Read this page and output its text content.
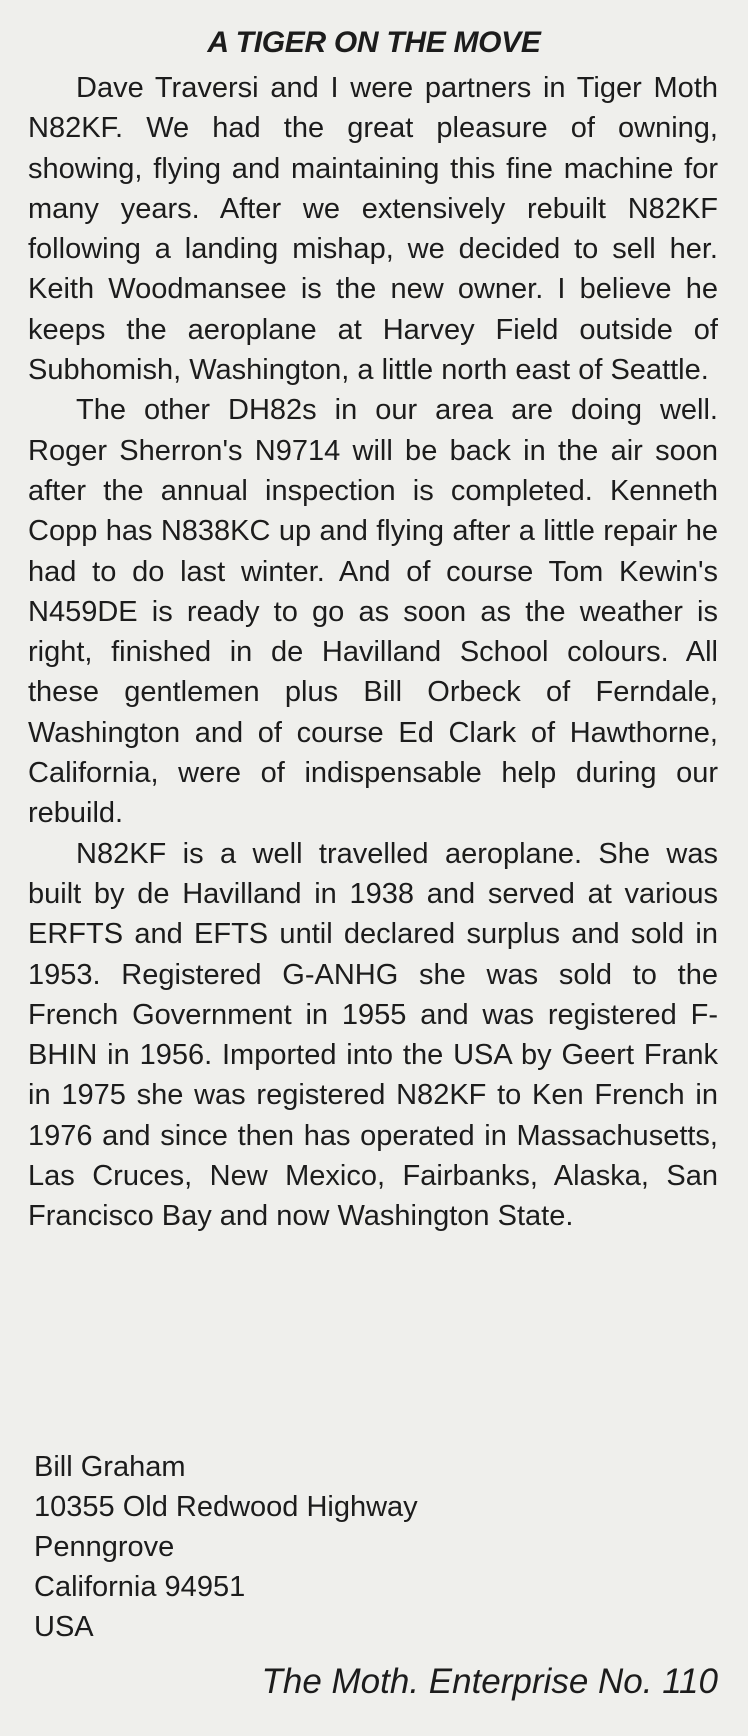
A TIGER ON THE MOVE

Dave Traversi and I were partners in Tiger Moth N82KF. We had the great pleasure of owning, showing, flying and maintaining this fine machine for many years. After we extensively rebuilt N82KF following a landing mishap, we decided to sell her. Keith Woodmansee is the new owner. I believe he keeps the aeroplane at Harvey Field outside of Subhomish, Washington, a little north east of Seattle.

The other DH82s in our area are doing well. Roger Sherron's N9714 will be back in the air soon after the annual inspection is completed. Kenneth Copp has N838KC up and flying after a little repair he had to do last winter. And of course Tom Kewin's N459DE is ready to go as soon as the weather is right, finished in de Havilland School colours. All these gentlemen plus Bill Orbeck of Ferndale, Washington and of course Ed Clark of Hawthorne, California, were of indispensable help during our rebuild.

N82KF is a well travelled aeroplane. She was built by de Havilland in 1938 and served at various ERFTS and EFTS until declared surplus and sold in 1953. Registered G-ANHG she was sold to the French Government in 1955 and was registered F-BHIN in 1956. Imported into the USA by Geert Frank in 1975 she was registered N82KF to Ken French in 1976 and since then has operated in Massachusetts, Las Cruces, New Mexico, Fairbanks, Alaska, San Francisco Bay and now Washington State.

Bill Graham
10355 Old Redwood Highway
Penngrove
California 94951
USA
The Moth. Enterprise No. 110
